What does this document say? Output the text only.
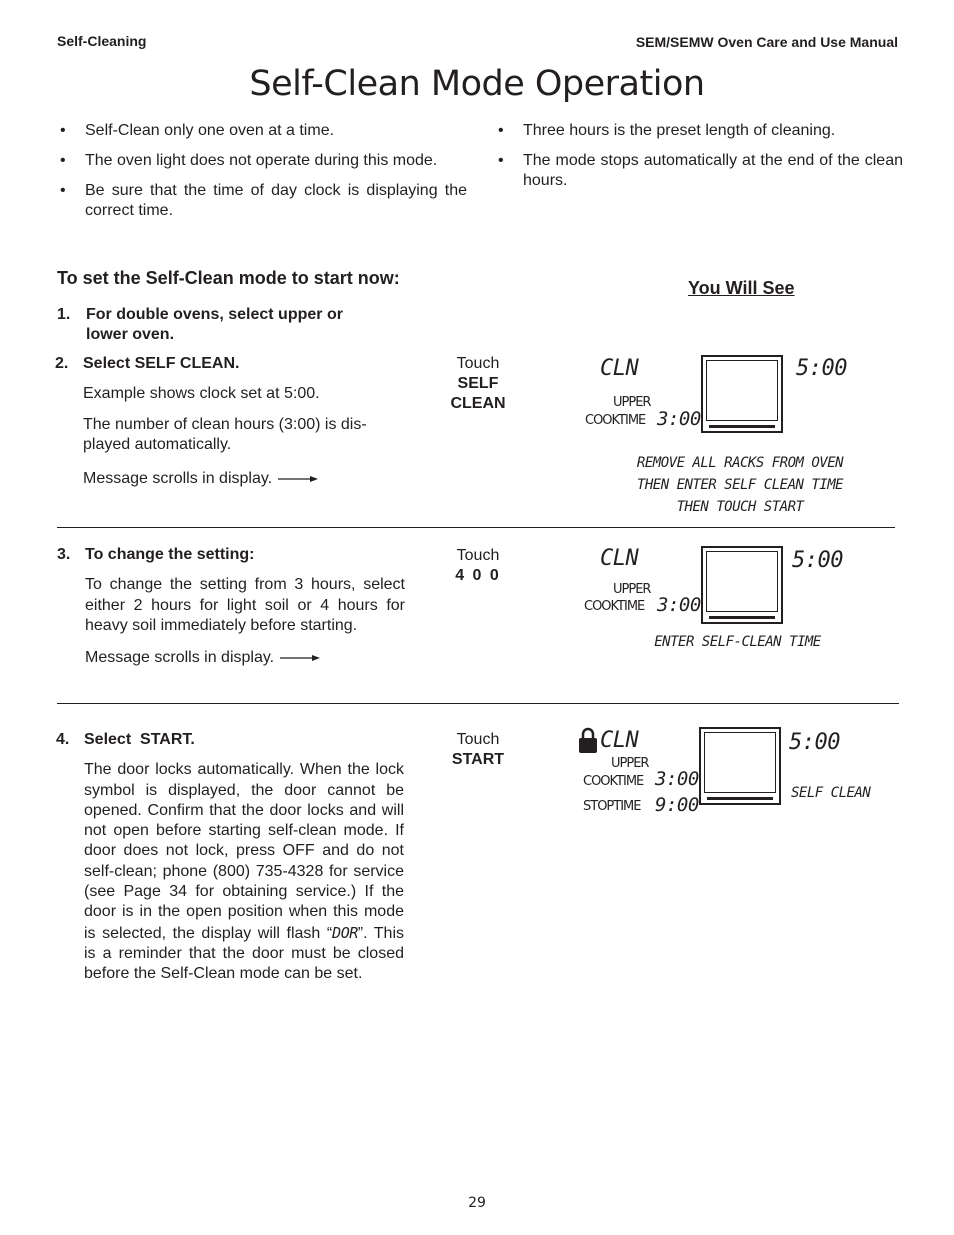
Self-Cleaning	SEM/SEMW Oven Care and Use Manual
Self-Clean Mode Operation
• Self-Clean only one oven at a time.
• The oven light does not operate during this mode.
• Be sure that the time of day clock is displaying the correct time.
• Three hours is the preset length of cleaning.
• The mode stops automatically at the end of the clean hours.
To set the Self-Clean mode to start now:	You Will See
1. For double ovens, select upper or lower oven.
2. Select SELF CLEAN.
Example shows clock set at 5:00.
The number of clean hours (3:00) is dis-played automatically.
Message scrolls in display.
Touch
SELF
CLEAN
CLN
UPPER
COOKTIME 3:00
5:00
REMOVE ALL RACKS FROM OVEN
THEN ENTER SELF CLEAN TIME
THEN TOUCH START
3. To change the setting:
To change the setting from 3 hours, select either 2 hours for light soil or 4 hours for heavy soil immediately before starting.
Message scrolls in display.
Touch
4 0 0
CLN
UPPER
COOKTIME 3:00
5:00
ENTER SELF-CLEAN TIME
4. Select  START.
The door locks automatically. When the lock symbol is displayed, the door cannot be opened. Confirm that the door locks and will not open before starting self-clean mode. If door does not lock, press OFF and do not self-clean; phone (800) 735-4328 for service (see Page 34 for obtaining service.) If the door is in the open position when this mode is selected, the display will flash “DOR”. This is a reminder that the door must be closed before the Self-Clean mode can be set.
Touch
START
CLN
UPPER
COOKTIME 3:00
STOPTIME 9:00
5:00
SELF CLEAN
29
